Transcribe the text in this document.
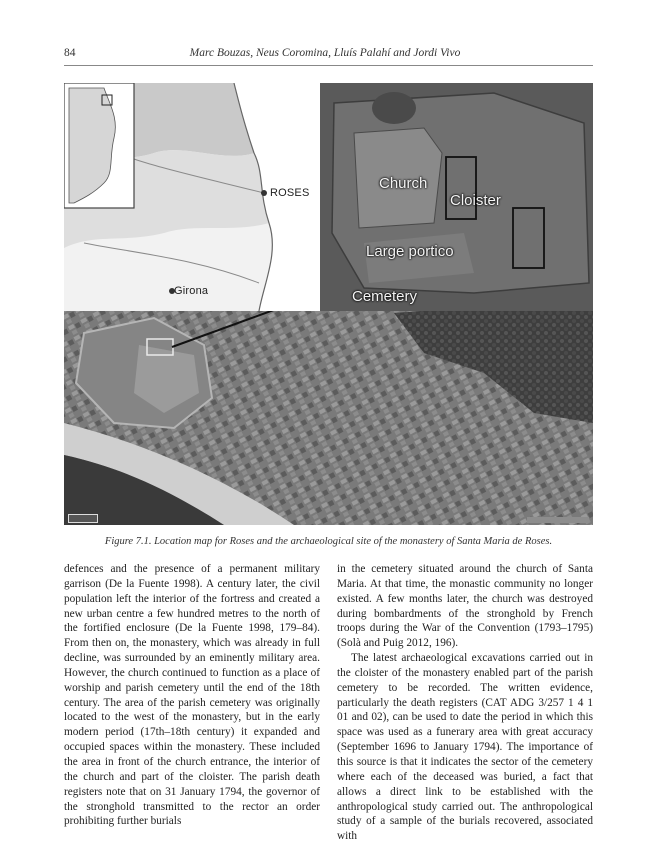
84	Marc Bouzas, Neus Coromina, Lluís Palahí and Jordi Vivo
ROSES
Girona
Church
Cloister
Large portico
Cemetery
Figure 7.1. Location map for Roses and the archaeological site of the monastery of Santa Maria de Roses.

defences and the presence of a permanent military garrison (De la Fuente 1998). A century later, the civil population left the interior of the fortress and created a new urban centre a few hundred metres to the north of the fortified enclosure (De la Fuente 1998, 179–84). From then on, the monastery, which was already in full decline, was surrounded by an eminently military area. However, the church continued to function as a place of worship and parish cemetery until the end of the 18th century. The area of the parish cemetery was originally located to the west of the monastery, but in the early modern period (17th–18th century) it expanded and occupied spaces within the monastery. These included the area in front of the church entrance, the interior of the church and part of the cloister. The parish death registers note that on 31 January 1794, the governor of the stronghold transmitted to the rector an order prohibiting further burials

in the cemetery situated around the church of Santa Maria. At that time, the monastic community no longer existed. A few months later, the church was destroyed during bombardments of the stronghold by French troops during the War of the Convention (1793–1795) (Solà and Puig 2012, 196).

The latest archaeological excavations carried out in the cloister of the monastery enabled part of the parish cemetery to be recorded. The written evidence, particularly the death registers (CAT ADG 3/257 1 4 1 01 and 02), can be used to date the period in which this space was used as a funerary area with great accuracy (September 1696 to January 1794). The importance of this source is that it indicates the sector of the cemetery where each of the deceased was buried, a fact that allows a direct link to be established with the anthropological study carried out. The anthropological study of a sample of the burials recovered, associated with
